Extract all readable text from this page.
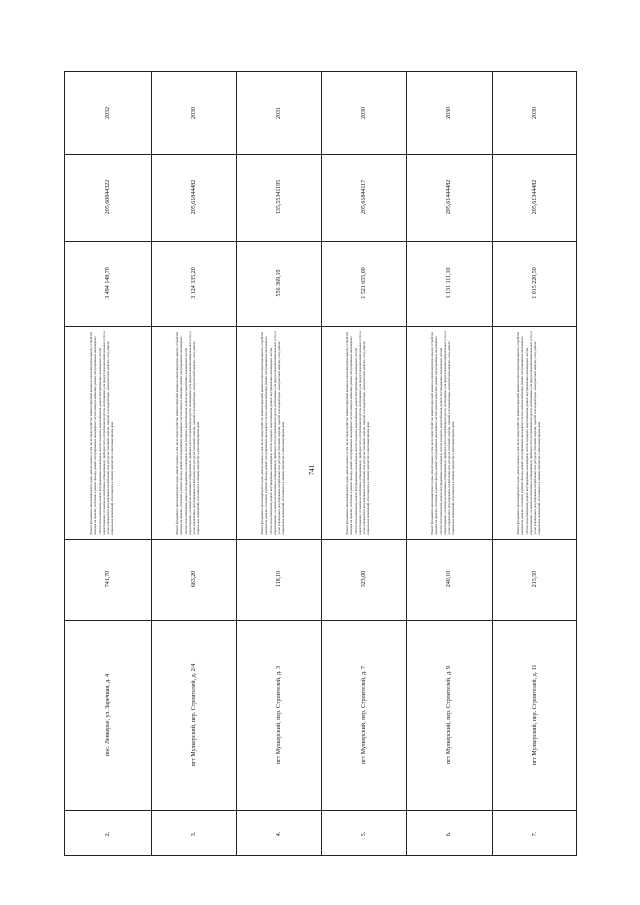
741
2032
205,60844322
3 494 148,70
Ремонт фундамента многоквартирного дома, ремонт крыши, в том числе переустройство невентилируемой крыши на вентилируемую крышу, устройство выходов на кровлю, утепление и ремонт фасада, ремонт внутридомовых инженерных систем электроснабжения, ремонт внутридомовых инженерных систем теплоснабжения, ремонт внутридомовых инженерных систем холодного водоснабжения, ремонт внутридомовых инженерных систем водоотведения, установка коллективных (общедомовых) приборов учета потребления ресурсов, необходимых для предоставления коммунальных услуг, и узлов управления и регулирования потребления этих ресурсов (тепловой энергии, горячей и холодной воды, электрической энергии, газа), ремонт подвальных помещений, относящихся к общему имуществу в многоквартирном доме
741,70
пос. Ленкерье, ул. Заречная, д. 4
2.
2030
205,61844482
3 124 335,20
Ремонт фундамента многоквартирного дома, ремонт крыши, в том числе переустройство невентилируемой крыши на вентилируемую крышу, устройство выходов на кровлю, утепление и ремонт фасада, ремонт внутридомовых инженерных систем электроснабжения, ремонт внутридомовых инженерных систем теплоснабжения, ремонт внутридомовых инженерных систем холодного водоснабжения, ремонт внутридомовых инженерных систем водоотведения, установка коллективных (общедомовых) приборов учета потребления ресурсов, необходимых для предоставления коммунальных услуг, и узлов управления и регулирования потребления этих ресурсов (тепловой энергии, горячей и холодной воды, электрической энергии, газа), ремонт подвальных помещений, относящихся к общему имуществу в многоквартирном доме
663,20
пгт Мулкерский, пер. Строителей, д. 2/4
3.
2031
135,55341195
556 369,10
Ремонт фундамента многоквартирного дома, ремонт крыши, в том числе переустройство невентилируемой крыши на вентилируемую крышу, устройство выходов на кровлю, утепление и ремонт фасада, ремонт внутридомовых инженерных систем электроснабжения, ремонт внутридомовых инженерных систем теплоснабжения, ремонт внутридомовых инженерных систем холодного водоснабжения, ремонт внутридомовых инженерных систем водоотведения, установка коллективных (общедомовых) приборов учета потребления ресурсов, необходимых для предоставления коммунальных услуг, и узлов управления и регулирования потребления этих ресурсов (тепловой энергии, горячей и холодной воды, электрической энергии, газа), ремонт подвальных помещений, относящихся к общему имуществу в многоквартирном доме
118,10
пгт Мулкерский, пер. Строителей, д. 3
4.
2030
205,61844117
1 521 655,00
Ремонт фундамента многоквартирного дома, ремонт крыши, в том числе переустройство невентилируемой крыши на вентилируемую крышу, устройство выходов на кровлю, утепление и ремонт фасада, ремонт внутридомовых инженерных систем электроснабжения, ремонт внутридомовых инженерных систем теплоснабжения, ремонт внутридомовых инженерных систем холодного водоснабжения, ремонт внутридомовых инженерных систем водоотведения, установка коллективных (общедомовых) приборов учета потребления ресурсов, необходимых для предоставления коммунальных услуг, и узлов управления и регулирования потребления этих ресурсов (тепловой энергии, горячей и холодной воды, электрической энергии, газа), ремонт подвальных помещений, относящихся к общему имуществу в многоквартирном доме
323,00
пгт Мулкерский, пер. Строителей, д. 7
5.
2030
205,61444482
1 131 111,10
Ремонт фундамента многоквартирного дома, ремонт крыши, в том числе переустройство невентилируемой крыши на вентилируемую крышу, устройство выходов на кровлю, утепление и ремонт фасада, ремонт внутридомовых инженерных систем электроснабжения, ремонт внутридомовых инженерных систем теплоснабжения, ремонт внутридомовых инженерных систем холодного водоснабжения, ремонт внутридомовых инженерных систем водоотведения, установка коллективных (общедомовых) приборов учета потребления ресурсов, необходимых для предоставления коммунальных услуг, и узлов управления и регулирования потребления этих ресурсов (тепловой энергии, горячей и холодной воды, электрической энергии, газа), ремонт подвальных помещений, относящихся к общему имуществу в многоквартирном доме
240,10
пгт Мулкерский, пер. Строителей, д. 9
6.
2030
205,61344482
1 015 220,50
Ремонт фундамента многоквартирного дома, ремонт крыши, в том числе переустройство невентилируемой крыши на вентилируемую крышу, устройство выходов на кровлю, утепление и ремонт фасада, ремонт внутридомовых инженерных систем электроснабжения, ремонт внутридомовых инженерных систем теплоснабжения, ремонт внутридомовых инженерных систем холодного водоснабжения, ремонт внутридомовых инженерных систем водоотведения, установка коллективных (общедомовых) приборов учета потребления ресурсов, необходимых для предоставления коммунальных услуг, и узлов управления и регулирования потребления этих ресурсов (тепловой энергии, горячей и холодной воды, электрической энергии, газа), ремонт подвальных помещений, относящихся к общему имуществу в многоквартирном доме
215,50
пгт Мулкерский, пер. Строителей, д. 11
7.
